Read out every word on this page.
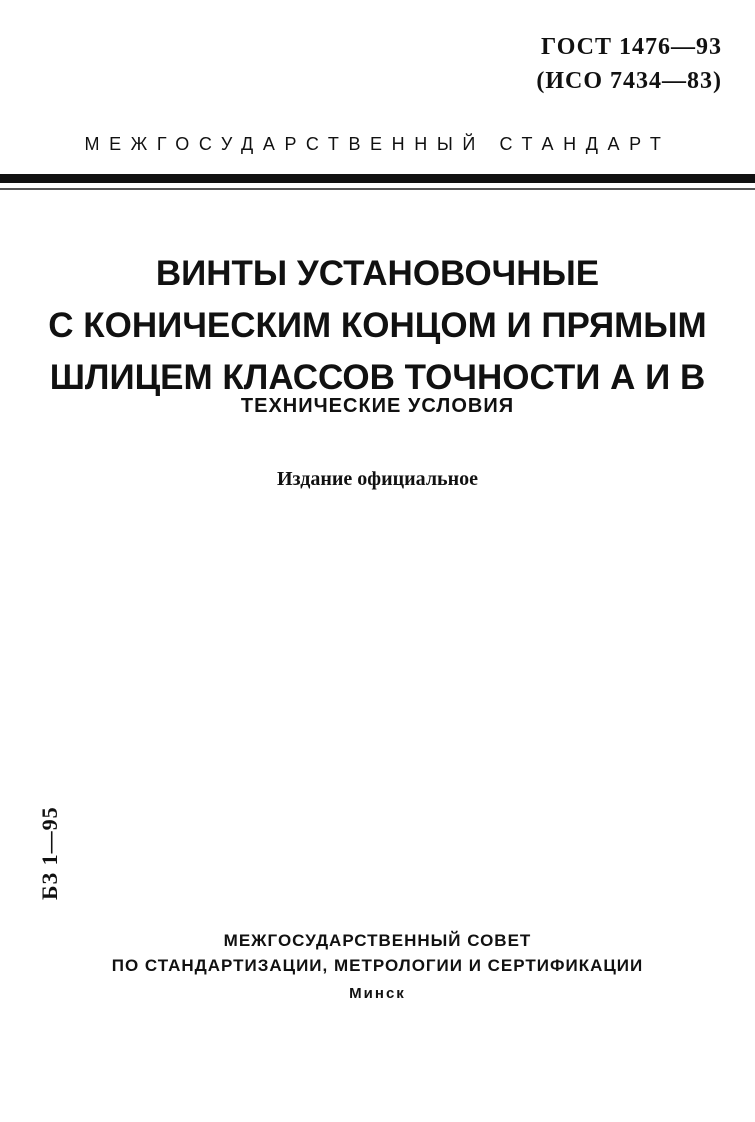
ГОСТ 1476—93
(ИСО 7434—83)
МЕЖГОСУДАРСТВЕННЫЙ СТАНДАРТ
ВИНТЫ УСТАНОВОЧНЫЕ
С КОНИЧЕСКИМ КОНЦОМ И ПРЯМЫМ
ШЛИЦЕМ КЛАССОВ ТОЧНОСТИ А И В
ТЕХНИЧЕСКИЕ УСЛОВИЯ
Издание официальное
БЗ 1—95
МЕЖГОСУДАРСТВЕННЫЙ СОВЕТ
ПО СТАНДАРТИЗАЦИИ, МЕТРОЛОГИИ И СЕРТИФИКАЦИИ
Минск
